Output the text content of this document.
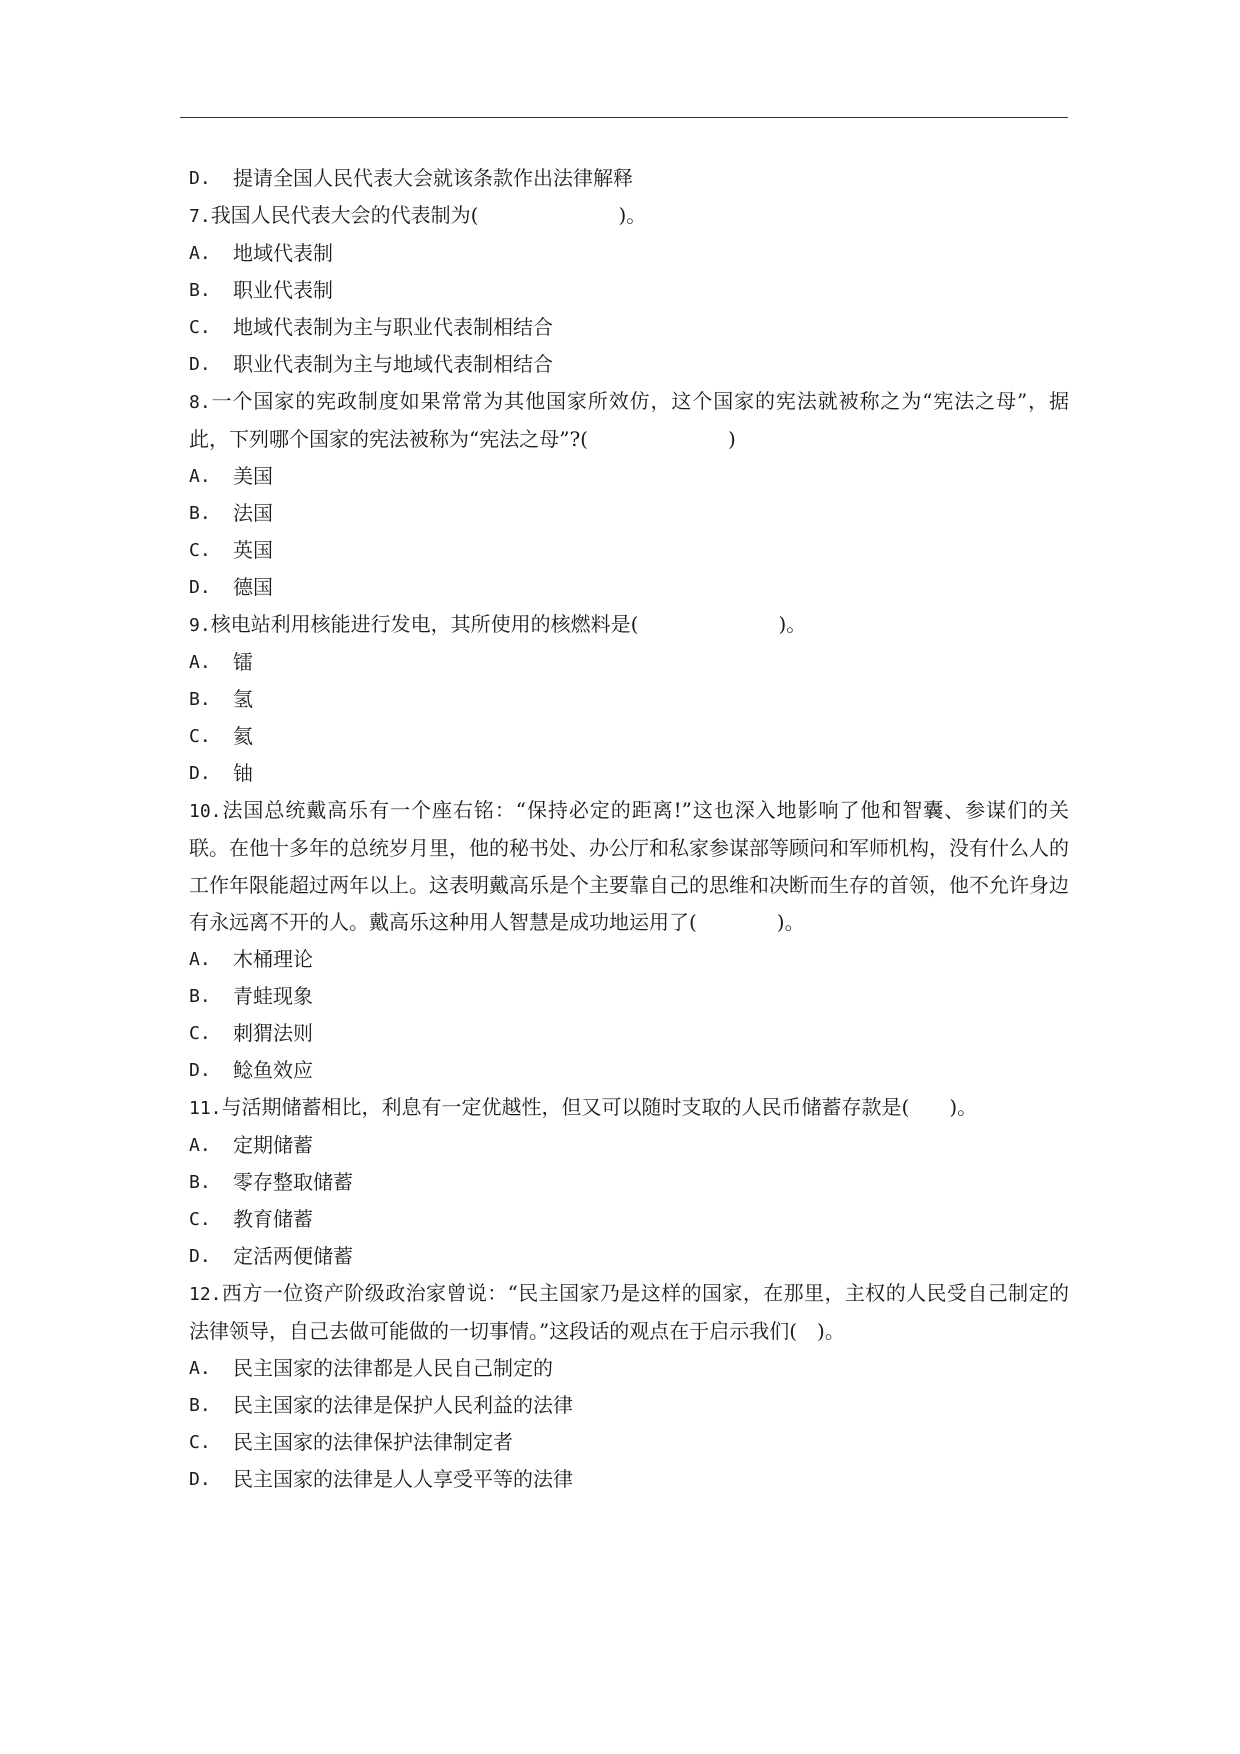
D.	提请全国人民代表大会就该条款作出法律解释
7.我国人民代表大会的代表制为(　　　　　　　)。
A.	地域代表制
B.	职业代表制
C.	地域代表制为主与职业代表制相结合
D.	职业代表制为主与地域代表制相结合
8.一个国家的宪政制度如果常常为其他国家所效仿，这个国家的宪法就被称之为“宪法之母”，据此，下列哪个国家的宪法被称为“宪法之母”?(　　　　　　　)
A.	美国
B.	法国
C.	英国
D.	德国
9.核电站利用核能进行发电，其所使用的核燃料是(　　　　　　　)。
A.	镭
B.	氢
C.	氦
D.	铀
10.法国总统戴高乐有一个座右铭：“保持必定的距离!”这也深入地影响了他和智囊、参谋们的关联。在他十多年的总统岁月里，他的秘书处、办公厅和私家参谋部等顾问和军师机构，没有什么人的工作年限能超过两年以上。这表明戴高乐是个主要靠自己的思维和决断而生存的首领，他不允许身边有永远离不开的人。戴高乐这种用人智慧是成功地运用了(　　　　)。
A.	木桶理论
B.	青蛙现象
C.	刺猬法则
D.	鲶鱼效应
11.与活期储蓄相比，利息有一定优越性，但又可以随时支取的人民币储蓄存款是(　　)。
A.	定期储蓄
B.	零存整取储蓄
C.	教育储蓄
D.	定活两便储蓄
12.西方一位资产阶级政治家曾说：“民主国家乃是这样的国家，在那里，主权的人民受自己制定的法律领导，自己去做可能做的一切事情。”这段话的观点在于启示我们(　)。
A.	民主国家的法律都是人民自己制定的
B.	民主国家的法律是保护人民利益的法律
C.	民主国家的法律保护法律制定者
D.	民主国家的法律是人人享受平等的法律
